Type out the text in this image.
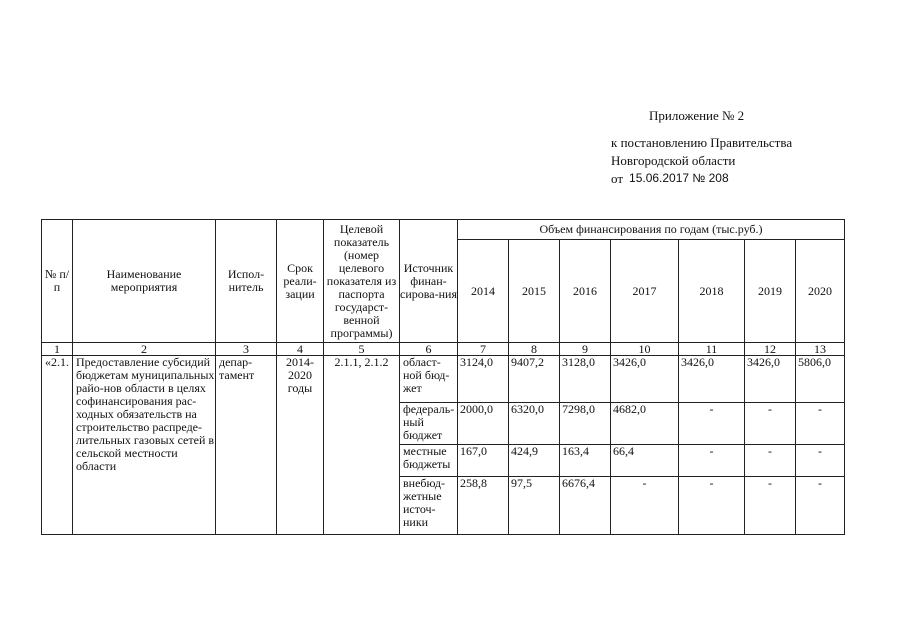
Приложение № 2
к постановлению Правительства
Новгородской области
от 15.06.2017 № 208
№ п/п	Наименование мероприятия	Испол-нитель	Срок реали-зации	Целевой показатель (номер целевого показателя из паспорта государст-венной программы)	Источник финан-сирова-ния	Объем финансирования по годам (тыс.руб.)						
						2014	2015	2016	2017	2018	2019	2020
1	2	3	4	5	6	7	8	9	10	11	12	13
«2.1.	Предоставление субсидий бюджетам муниципальных райо-нов области в целях софинансирования рас-ходных обязательств на строительство распреде-лительных газовых сетей в сельской местности области	депар-тамент	2014-2020 годы	2.1.1, 2.1.2	област-ной бюд-жет	3124,0	9407,2	3128,0	3426,0	3426,0	3426,0	5806,0
					федераль-ный бюджет	2000,0	6320,0	7298,0	4682,0	-	-	-
					местные бюджеты	167,0	424,9	163,4	66,4	-	-	-
					внебюд-жетные источ-ники	258,8	97,5	6676,4	-	-	-	-
